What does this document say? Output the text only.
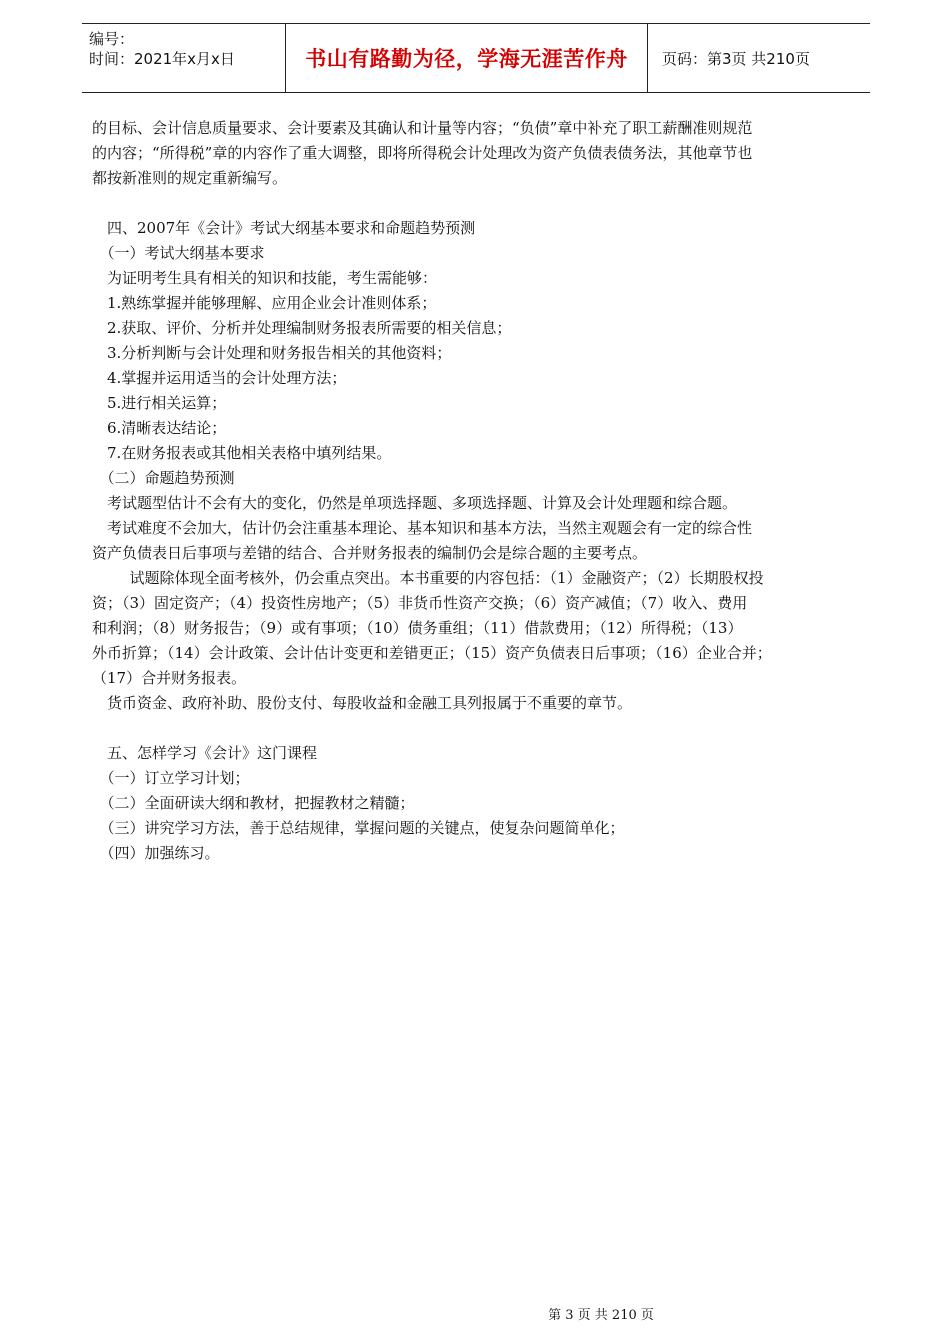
编号：
时间：2021年x月x日	书山有路勤为径，学海无涯苦作舟	页码：第3页 共210页

的目标、会计信息质量要求、会计要素及其确认和计量等内容；“负债”章中补充了职工薪酬准则规范

的内容；“所得税”章的内容作了重大调整，即将所得税会计处理改为资产负债表债务法，其他章节也

都按新准则的规定重新编写。

　四、2007年《会计》考试大纲基本要求和命题趋势预测

　（一）考试大纲基本要求

　为证明考生具有相关的知识和技能，考生需能够：

　1.熟练掌握并能够理解、应用企业会计准则体系；

　2.获取、评价、分析并处理编制财务报表所需要的相关信息；

　3.分析判断与会计处理和财务报告相关的其他资料；

　4.掌握并运用适当的会计处理方法；

　5.进行相关运算；

　6.清晰表达结论；

　7.在财务报表或其他相关表格中填列结果。

　（二）命题趋势预测

　考试题型估计不会有大的变化，仍然是单项选择题、多项选择题、计算及会计处理题和综合题。

　考试难度不会加大，估计仍会注重基本理论、基本知识和基本方法，当然主观题会有一定的综合性

资产负债表日后事项与差错的结合、合并财务报表的编制仍会是综合题的主要考点。

　　 试题除体现全面考核外，仍会重点突出。本书重要的内容包括：（1）金融资产；（2）长期股权投

资；（3）固定资产；（4）投资性房地产；（5）非货币性资产交换；（6）资产减值；（7）收入、费用

和利润；（8）财务报告；（9）或有事项；（10）债务重组；（11）借款费用；（12）所得税；（13）

外币折算；（14）会计政策、会计估计变更和差错更正；（15）资产负债表日后事项；（16）企业合并；

（17）合并财务报表。

　货币资金、政府补助、股份支付、每股收益和金融工具列报属于不重要的章节。

　五、怎样学习《会计》这门课程

　（一）订立学习计划；

　（二）全面研读大纲和教材，把握教材之精髓；

　（三）讲究学习方法，善于总结规律，掌握问题的关键点，使复杂问题简单化；

　（四）加强练习。

第 3 页 共 210 页
